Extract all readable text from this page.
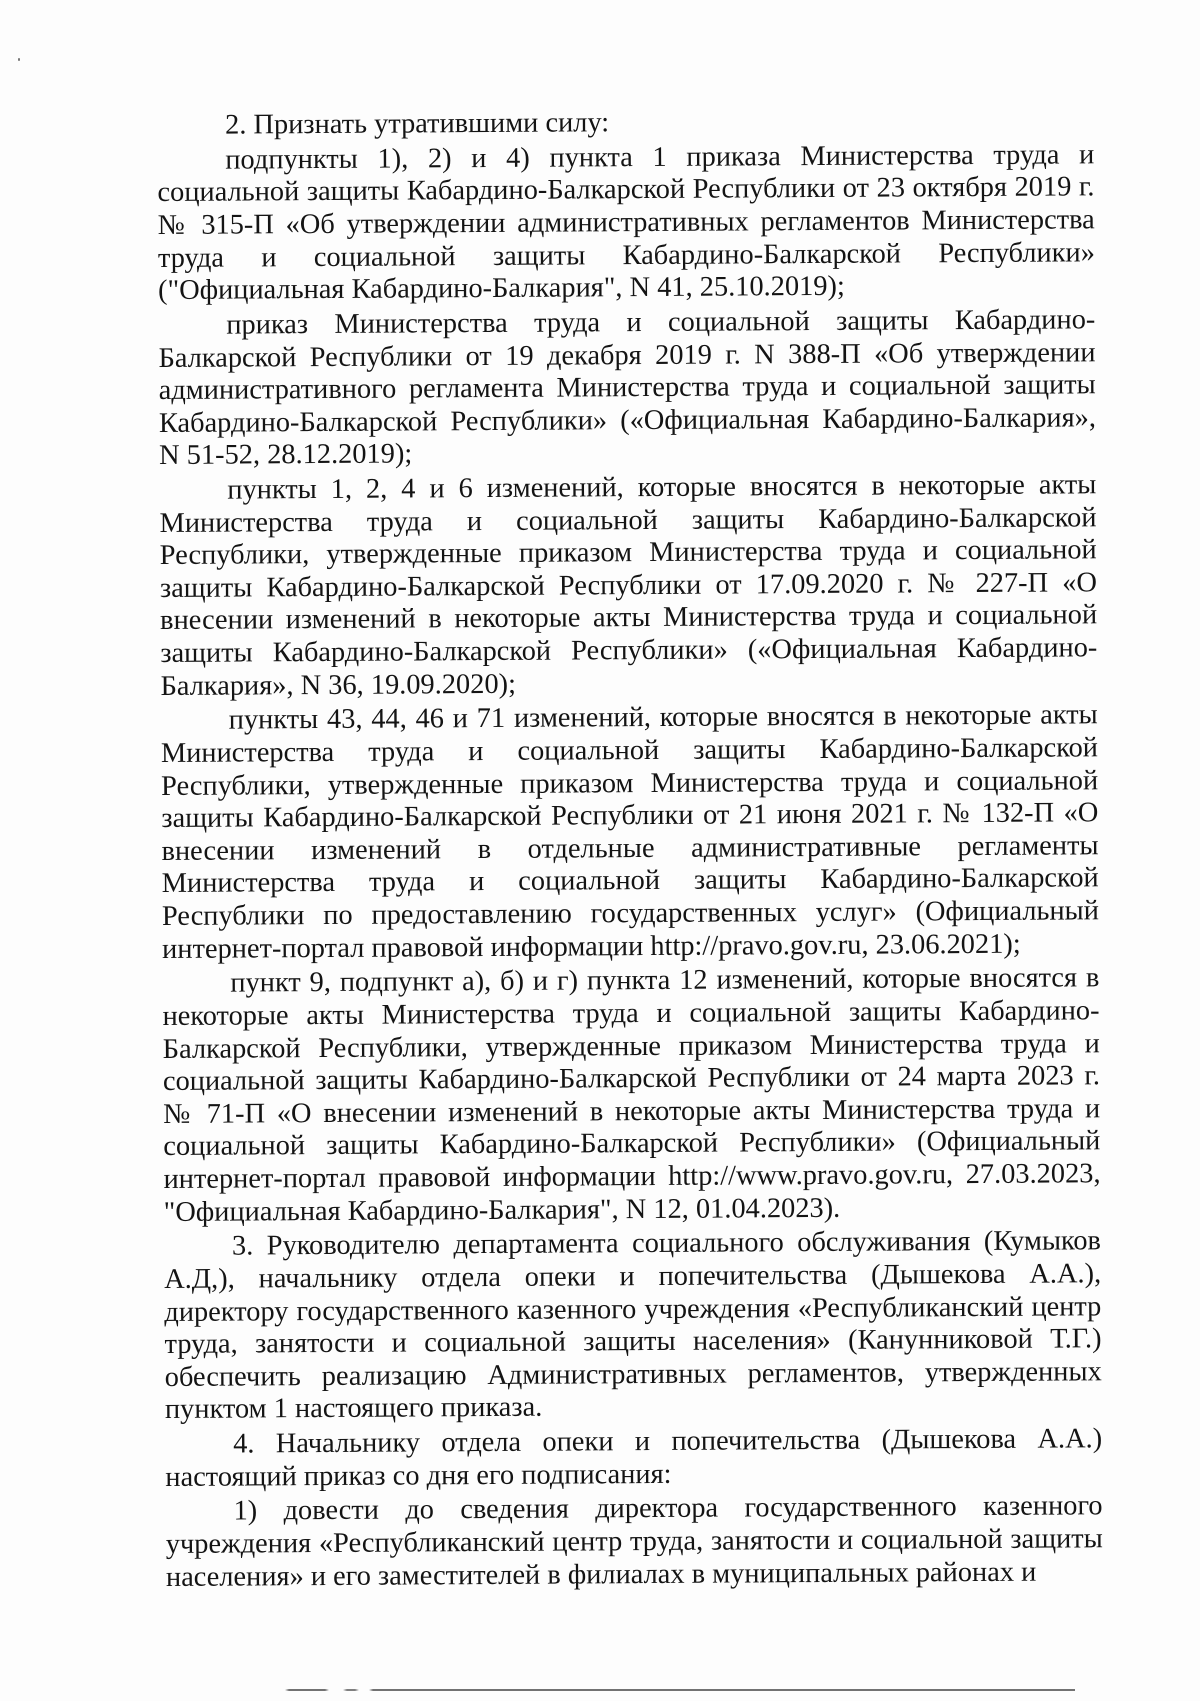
2. Признать утратившими силу:

подпункты 1), 2) и 4) пункта 1 приказа Министерства труда и социальной защиты Кабардино-Балкарской Республики от 23 октября 2019 г. № 315-П «Об утверждении административных регламентов Министерства труда и социальной защиты Кабардино-Балкарской Республики» ("Официальная Кабардино-Балкария", N 41, 25.10.2019);

приказ Министерства труда и социальной защиты Кабардино-Балкарской Республики от 19 декабря 2019 г. N 388-П «Об утверждении административного регламента Министерства труда и социальной защиты Кабардино-Балкарской Республики» («Официальная Кабардино-Балкария», N 51-52, 28.12.2019);

пункты 1, 2, 4 и 6 изменений, которые вносятся в некоторые акты Министерства труда и социальной защиты Кабардино-Балкарской Республики, утвержденные приказом Министерства труда и социальной защиты Кабардино-Балкарской Республики от 17.09.2020 г. № 227-П «О внесении изменений в некоторые акты Министерства труда и социальной защиты Кабардино-Балкарской Республики» («Официальная Кабардино-Балкария», N 36, 19.09.2020);

пункты 43, 44, 46 и 71 изменений, которые вносятся в некоторые акты Министерства труда и социальной защиты Кабардино-Балкарской Республики, утвержденные приказом Министерства труда и социальной защиты Кабардино-Балкарской Республики от 21 июня 2021 г. № 132-П «О внесении изменений в отдельные административные регламенты Министерства труда и социальной защиты Кабардино-Балкарской Республики по предоставлению государственных услуг» (Официальный интернет-портал правовой информации http://pravo.gov.ru, 23.06.2021);

пункт 9, подпункт а), б) и г) пункта 12 изменений, которые вносятся в некоторые акты Министерства труда и социальной защиты Кабардино-Балкарской Республики, утвержденные приказом Министерства труда и социальной защиты Кабардино-Балкарской Республики от 24 марта 2023 г. № 71-П «О внесении изменений в некоторые акты Министерства труда и социальной защиты Кабардино-Балкарской Республики» (Официальный интернет-портал правовой информации http://www.pravo.gov.ru, 27.03.2023, "Официальная Кабардино-Балкария", N 12, 01.04.2023).

3. Руководителю департамента социального обслуживания (Кумыков А.Д,), начальнику отдела опеки и попечительства (Дышекова А.А.), директору государственного казенного учреждения «Республиканский центр труда, занятости и социальной защиты населения» (Канунниковой Т.Г.) обеспечить реализацию Административных регламентов, утвержденных пунктом 1 настоящего приказа.

4. Начальнику отдела опеки и попечительства (Дышекова А.А.) настоящий приказ со дня его подписания:

1) довести до сведения директора государственного казенного учреждения «Республиканский центр труда, занятости и социальной защиты населения» и его заместителей в филиалах в муниципальных районах и
